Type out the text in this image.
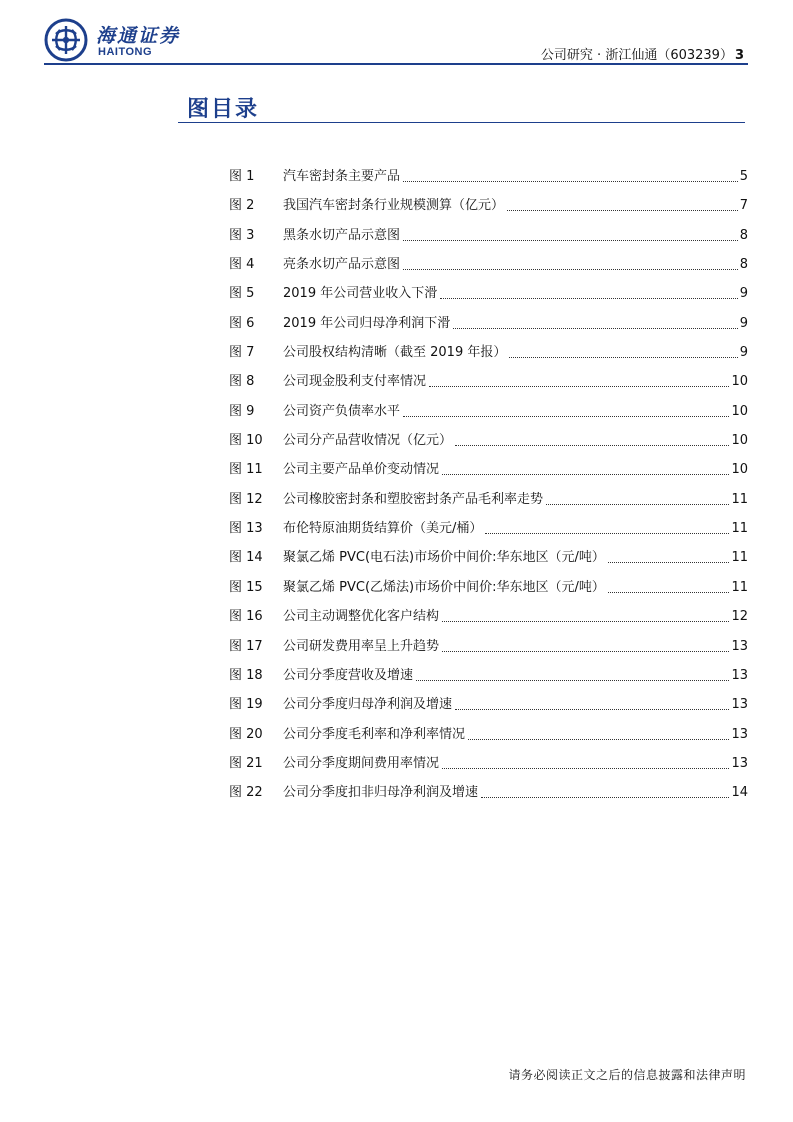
海通证券
HAITONG	公司研究 · 浙江仙通（603239） 3
图目录
图 1	汽车密封条主要产品	5
图 2	我国汽车密封条行业规模测算（亿元）	7
图 3	黑条水切产品示意图	8
图 4	亮条水切产品示意图	8
图 5	2019 年公司营业收入下滑	9
图 6	2019 年公司归母净利润下滑	9
图 7	公司股权结构清晰（截至 2019 年报）	9
图 8	公司现金股利支付率情况	10
图 9	公司资产负债率水平	10
图 10	公司分产品营收情况（亿元）	10
图 11	公司主要产品单价变动情况	10
图 12	公司橡胶密封条和塑胶密封条产品毛利率走势	11
图 13	布伦特原油期货结算价（美元/桶）	11
图 14	聚氯乙烯 PVC(电石法)市场价中间价:华东地区（元/吨）	11
图 15	聚氯乙烯 PVC(乙烯法)市场价中间价:华东地区（元/吨）	11
图 16	公司主动调整优化客户结构	12
图 17	公司研发费用率呈上升趋势	13
图 18	公司分季度营收及增速	13
图 19	公司分季度归母净利润及增速	13
图 20	公司分季度毛利率和净利率情况	13
图 21	公司分季度期间费用率情况	13
图 22	公司分季度扣非归母净利润及增速	14
请务必阅读正文之后的信息披露和法律声明
